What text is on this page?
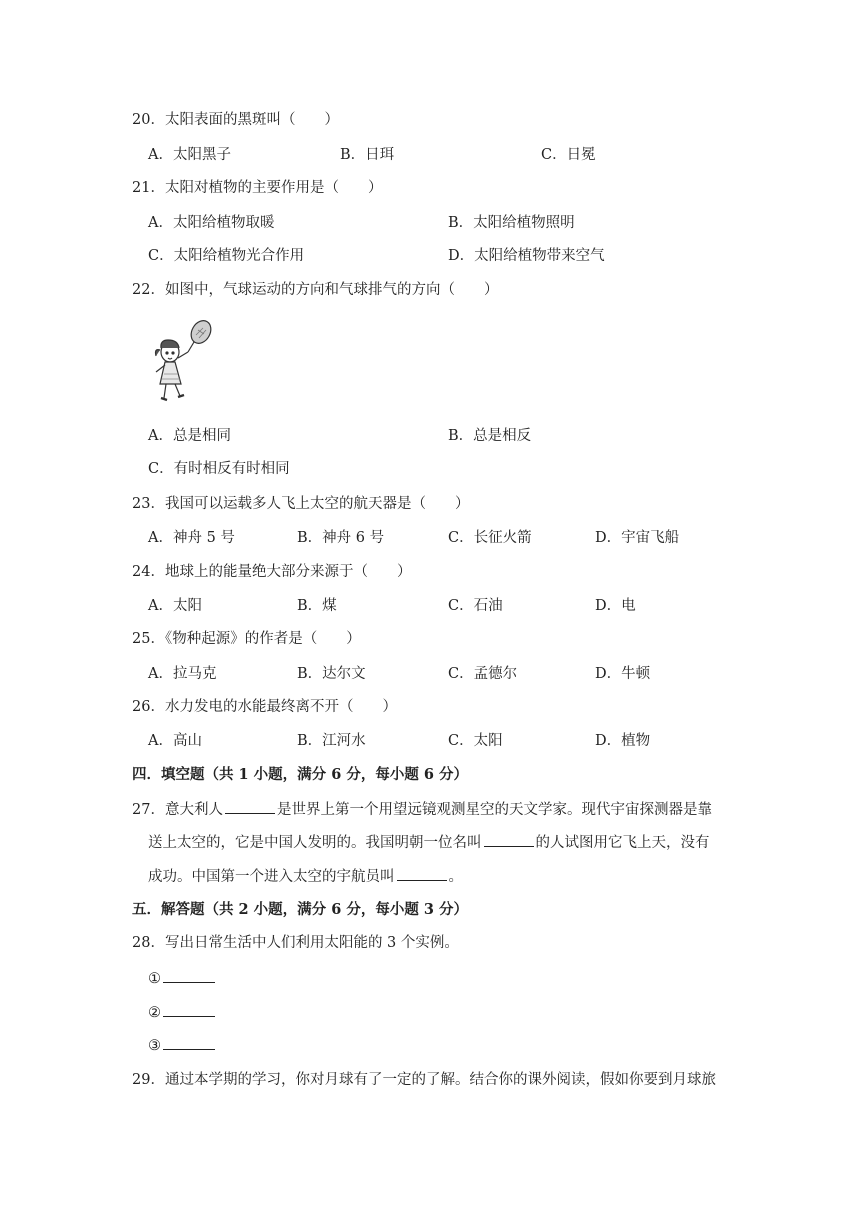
20．太阳表面的黑斑叫（　　）
A．太阳黑子	B．日珥	C．日冕
21．太阳对植物的主要作用是（　　）
A．太阳给植物取暖	B．太阳给植物照明
C．太阳给植物光合作用	D．太阳给植物带来空气
22．如图中，气球运动的方向和气球排气的方向（　　）
A．总是相同	B．总是相反
C．有时相反有时相同
23．我国可以运载多人飞上太空的航天器是（　　）
A．神舟 5 号	B．神舟 6 号	C．长征火箭	D．宇宙飞船
24．地球上的能量绝大部分来源于（　　）
A．太阳	B．煤	C．石油	D．电
25．《物种起源》的作者是（　　）
A．拉马克	B．达尔文	C．孟德尔	D．牛顿
26．水力发电的水能最终离不开（　　）
A．高山	B．江河水	C．太阳	D．植物
四．填空题（共 1 小题，满分 6 分，每小题 6 分）
27．意大利人	是世界上第一个用望远镜观测星空的天文学家。现代宇宙探测器是靠
送上太空的，它是中国人发明的。我国明朝一位名叫	的人试图用它飞上天，没有
成功。中国第一个进入太空的宇航员叫	。
五．解答题（共 2 小题，满分 6 分，每小题 3 分）
28．写出日常生活中人们利用太阳能的 3 个实例。
①
②
③
29．通过本学期的学习，你对月球有了一定的了解。结合你的课外阅读，假如你要到月球旅
